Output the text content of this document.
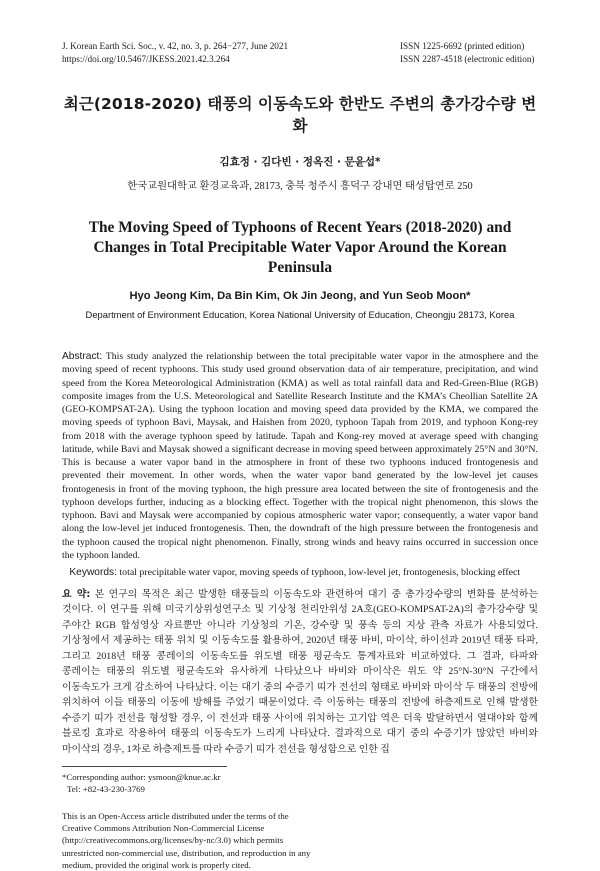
J. Korean Earth Sci. Soc., v. 42, no. 3, p. 264−277, June 2021	ISSN 1225-6692 (printed edition)
https://doi.org/10.5467/JKESS.2021.42.3.264	ISSN 2287-4518 (electronic edition)
최근(2018-2020) 태풍의 이동속도와 한반도 주변의 총가강수량 변화
김효정 · 김다빈 · 정옥진 · 문윤섭*
한국교원대학교 환경교육과, 28173, 충북 청주시 흥덕구 강내면 태성탑연로 250
The Moving Speed of Typhoons of Recent Years (2018-2020) and
Changes in Total Precipitable Water Vapor Around the Korean Peninsula
Hyo Jeong Kim, Da Bin Kim, Ok Jin Jeong, and Yun Seob Moon*
Department of Environment Education, Korea National University of Education, Cheongju 28173, Korea
Abstract: This study analyzed the relationship between the total precipitable water vapor in the atmosphere and the moving speed of recent typhoons. This study used ground observation data of air temperature, precipitation, and wind speed from the Korea Meteorological Administration (KMA) as well as total rainfall data and Red-Green-Blue (RGB) composite images from the U.S. Meteorological and Satellite Research Institute and the KMA’s Cheollian Satellite 2A (GEO-KOMPSAT-2A). Using the typhoon location and moving speed data provided by the KMA, we compared the moving speeds of typhoon Bavi, Maysak, and Haishen from 2020, typhoon Tapah from 2019, and typhoon Kong-rey from 2018 with the average typhoon speed by latitude. Tapah and Kong-rey moved at average speed with changing latitude, while Bavi and Maysak showed a significant decrease in moving speed between approximately 25°N and 30°N. This is because a water vapor band in the atmosphere in front of these two typhoons induced frontogenesis and prevented their movement. In other words, when the water vapor band generated by the low-level jet causes frontogenesis in front of the moving typhoon, the high pressure area located between the site of frontogenesis and the typhoon develops further, inducing as a blocking effect. Together with the tropical night phenomenon, this slows the typhoon. Bavi and Maysak were accompanied by copious atmospheric water vapor; consequently, a water vapor band along the low-level jet induced frontogenesis. Then, the downdraft of the high pressure between the frontogenesis and the typhoon caused the tropical night phenomenon. Finally, strong winds and heavy rains occurred in succession once the typhoon landed.
Keywords: total precipitable water vapor, moving speeds of typhoon, low-level jet, frontogenesis, blocking effect
요 약: 본 연구의 목적은 최근 발생한 태풍들의 이동속도와 관련하여 대기 중 총가강수량의 변화를 분석하는 것이다. 이 연구를 위해 미국기상위성연구소 및 기상청 천리안위성 2A호(GEO-KOMPSAT-2A)의 총가강수량 및 주야간 RGB 합성영상 자료뿐만 아니라 기상청의 기온, 강수량 및 풍속 등의 지상 관측 자료가 사용되었다. 기상청에서 제공하는 태풍 위치 및 이동속도를 활용하여, 2020년 태풍 바비, 마이삭, 하이선과 2019년 태풍 타파, 그리고 2018년 태풍 콩레이의 이동속도를 위도별 태풍 평균속도 통계자료와 비교하였다. 그 결과, 타파와 콩레이는 태풍의 위도별 평균속도와 유사하게 나타났으나 바비와 마이삭은 위도 약 25°N-30°N 구간에서 이동속도가 크게 감소하여 나타났다. 이는 대기 중의 수증기 띠가 전선의 형태로 바비와 마이삭 두 태풍의 전방에 위치하여 이들 태풍의 이동에 방해를 주었기 때문이었다. 즉 이동하는 태풍의 전방에 하층제트로 인해 발생한 수증기 띠가 전선을 형성할 경우, 이 전선과 태풍 사이에 위치하는 고기압 역은 더욱 발달하면서 열대야와 함께 블로킹 효과로 작용하여 태풍의 이동속도가 느리게 나타났다. 결과적으로 대기 중의 수증기가 많았던 바비와 마이삭의 경우, 1차로 하층제트를 따라 수증기 띠가 전선을 형성함으로 인한 집
*Corresponding author: ysmoon@knue.ac.kr
Tel: +82-43-230-3769
This is an Open-Access article distributed under the terms of the Creative Commons Attribution Non-Commercial License (http://creativecommons.org/licenses/by-nc/3.0) which permits unrestricted non-commercial use, distribution, and reproduction in any medium, provided the original work is properly cited.
